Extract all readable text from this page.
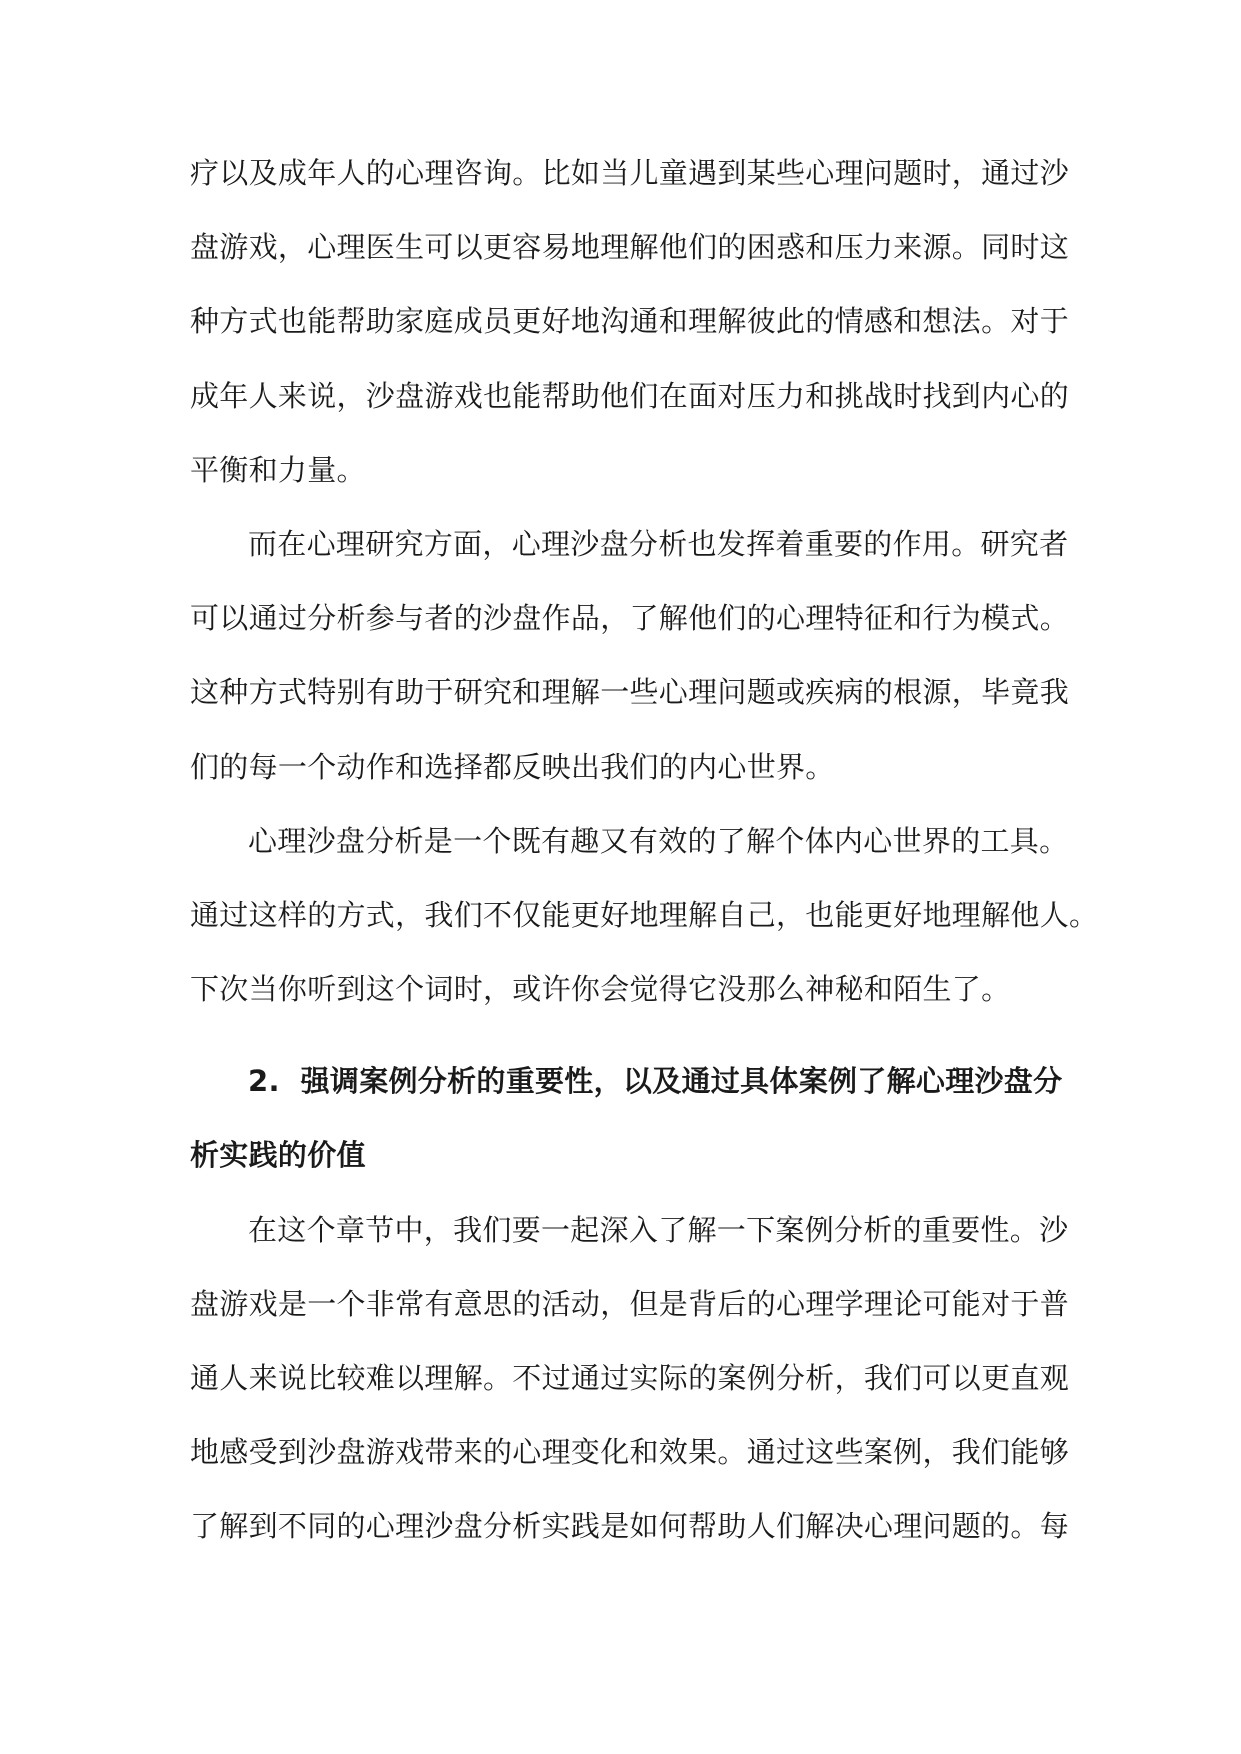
疗以及成年人的心理咨询。比如当儿童遇到某些心理问题时，通过沙
盘游戏，心理医生可以更容易地理解他们的困惑和压力来源。同时这
种方式也能帮助家庭成员更好地沟通和理解彼此的情感和想法。对于
成年人来说，沙盘游戏也能帮助他们在面对压力和挑战时找到内心的
平衡和力量。
而在心理研究方面，心理沙盘分析也发挥着重要的作用。研究者
可以通过分析参与者的沙盘作品，了解他们的心理特征和行为模式。
这种方式特别有助于研究和理解一些心理问题或疾病的根源，毕竟我
们的每一个动作和选择都反映出我们的内心世界。
心理沙盘分析是一个既有趣又有效的了解个体内心世界的工具。
通过这样的方式，我们不仅能更好地理解自己，也能更好地理解他人。
下次当你听到这个词时，或许你会觉得它没那么神秘和陌生了。
2. 强调案例分析的重要性，以及通过具体案例了解心理沙盘分
析实践的价值
在这个章节中，我们要一起深入了解一下案例分析的重要性。沙
盘游戏是一个非常有意思的活动，但是背后的心理学理论可能对于普
通人来说比较难以理解。不过通过实际的案例分析，我们可以更直观
地感受到沙盘游戏带来的心理变化和效果。通过这些案例，我们能够
了解到不同的心理沙盘分析实践是如何帮助人们解决心理问题的。每
